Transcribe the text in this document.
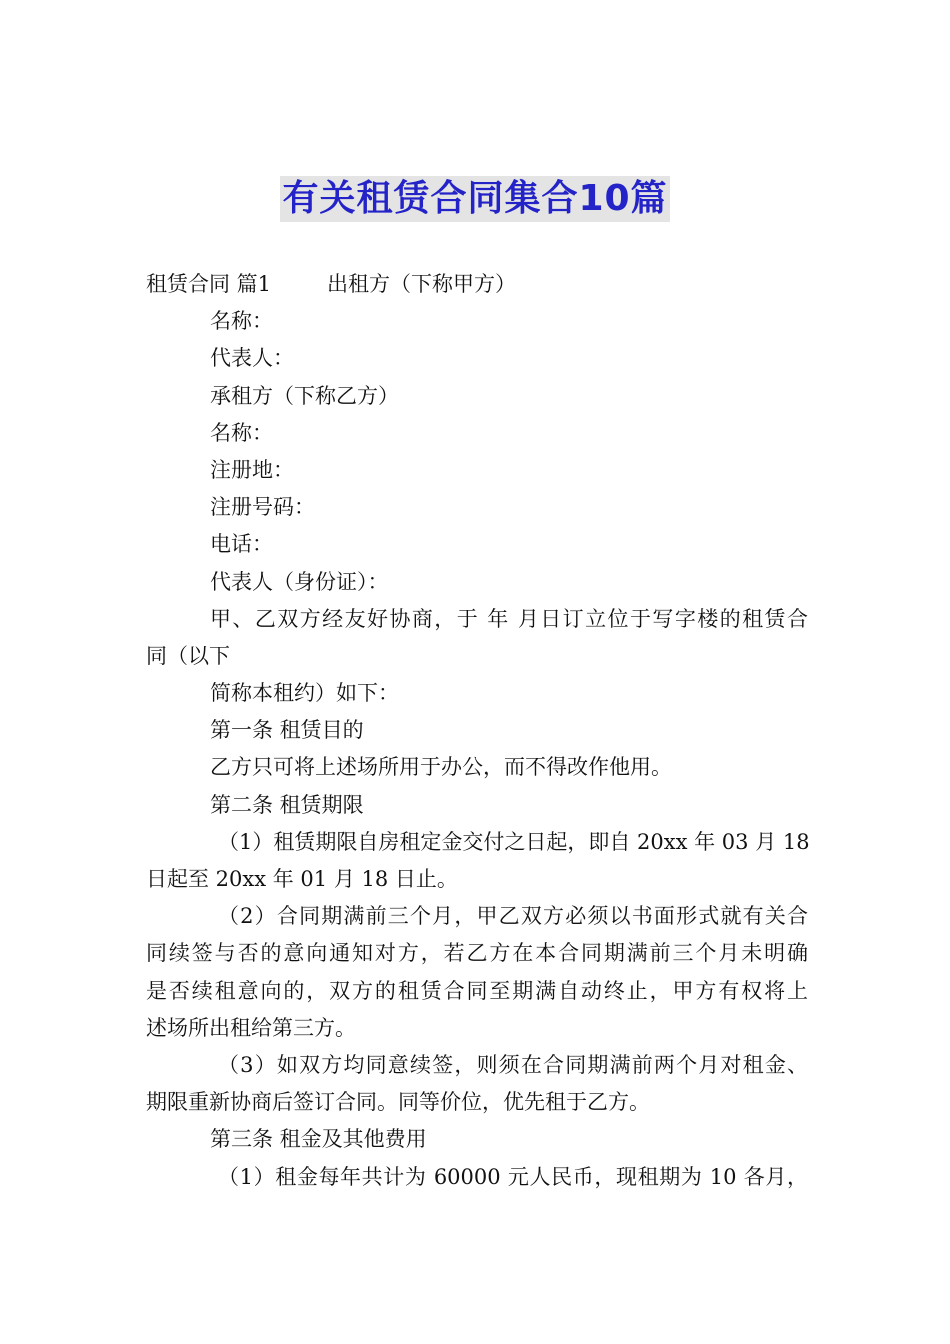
有关租赁合同集合10篇
租赁合同 篇1	出租方（下称甲方）
名称：
代表人：
承租方（下称乙方）
名称：
注册地：
注册号码：
电话：
代表人（身份证）：
甲、乙双方经友好协商，于 年 月日订立位于写字楼的租赁合
同（以下
简称本租约）如下：
第一条 租赁目的
乙方只可将上述场所用于办公，而不得改作他用。
第二条 租赁期限
（1）租赁期限自房租定金交付之日起，即自 20xx 年 03 月 18
日起至 20xx 年 01 月 18 日止。
（2）合同期满前三个月，甲乙双方必须以书面形式就有关合
同续签与否的意向通知对方，若乙方在本合同期满前三个月未明确
是否续租意向的，双方的租赁合同至期满自动终止，甲方有权将上
述场所出租给第三方。
（3）如双方均同意续签，则须在合同期满前两个月对租金、
期限重新协商后签订合同。同等价位，优先租于乙方。
第三条 租金及其他费用
（1）租金每年共计为 60000 元人民币，现租期为 10 各月，
